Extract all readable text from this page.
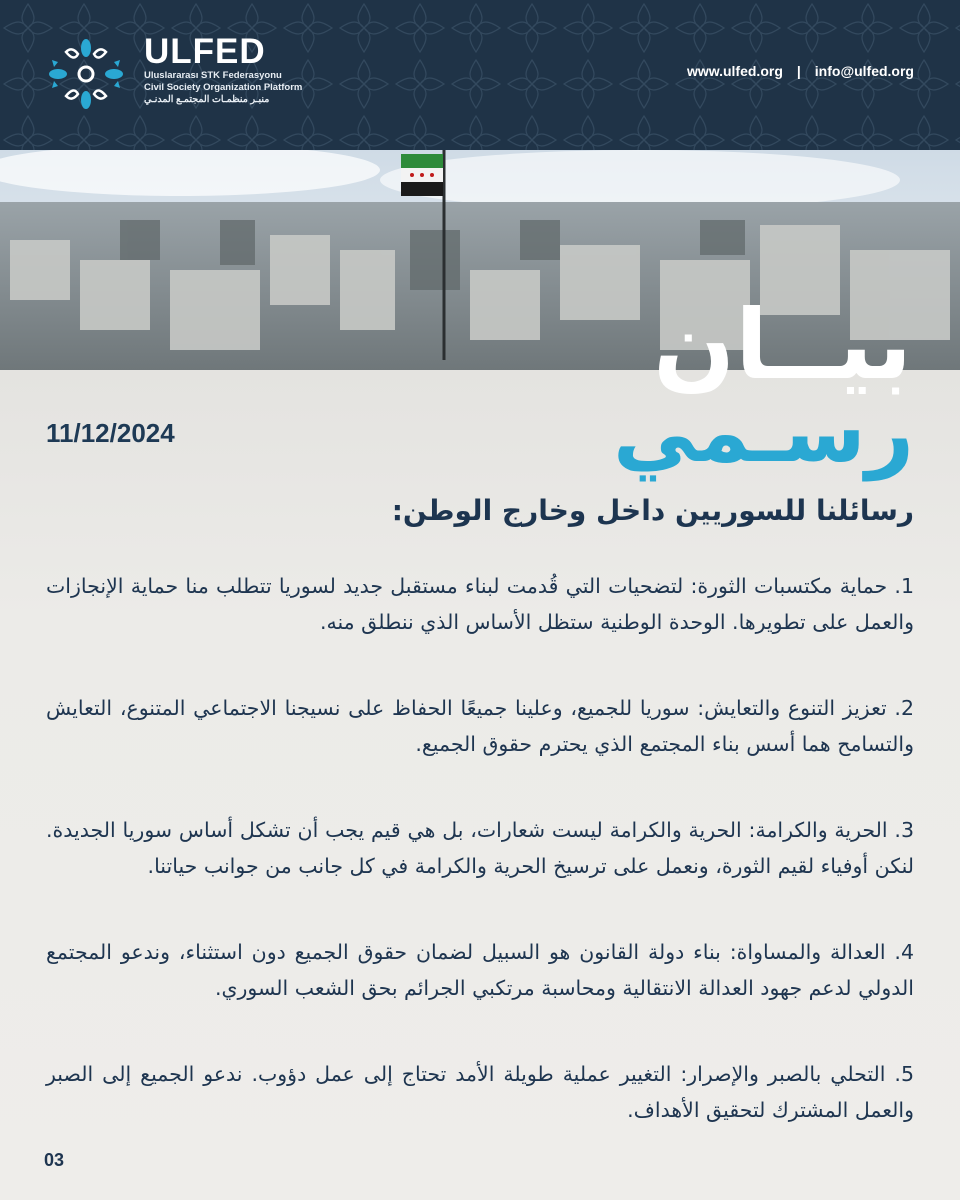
ULFED
Uluslararası STK Federasyonu
Civil Society Organization Platform
منبـر منظمـات المجتمـع المدنـي
www.ulfed.org | info@ulfed.org
بيــان
رسـمي
11/12/2024
رسائلنا للسوريين داخل وخارج الوطن:
1. حماية مكتسبات الثورة: لتضحيات التي قُدمت لبناء مستقبل جديد لسوريا تتطلب منا حماية الإنجازات والعمل على تطويرها. الوحدة الوطنية ستظل الأساس الذي ننطلق منه.
2. تعزيز التنوع والتعايش: سوريا للجميع، وعلينا جميعًا الحفاظ على نسيجنا الاجتماعي المتنوع، التعايش والتسامح هما أسس بناء المجتمع الذي يحترم حقوق الجميع.
3. الحرية والكرامة: الحرية والكرامة ليست شعارات، بل هي قيم يجب أن تشكل أساس سوريا الجديدة. لنكن أوفياء لقيم الثورة، ونعمل على ترسيخ الحرية والكرامة في كل جانب من جوانب حياتنا.
4. العدالة والمساواة: بناء دولة القانون هو السبيل لضمان حقوق الجميع دون استثناء، وندعو المجتمع الدولي لدعم جهود العدالة الانتقالية ومحاسبة مرتكبي الجرائم بحق الشعب السوري.
5. التحلي بالصبر والإصرار: التغيير عملية طويلة الأمد تحتاج إلى عمل دؤوب. ندعو الجميع إلى الصبر والعمل المشترك لتحقيق الأهداف.
03
